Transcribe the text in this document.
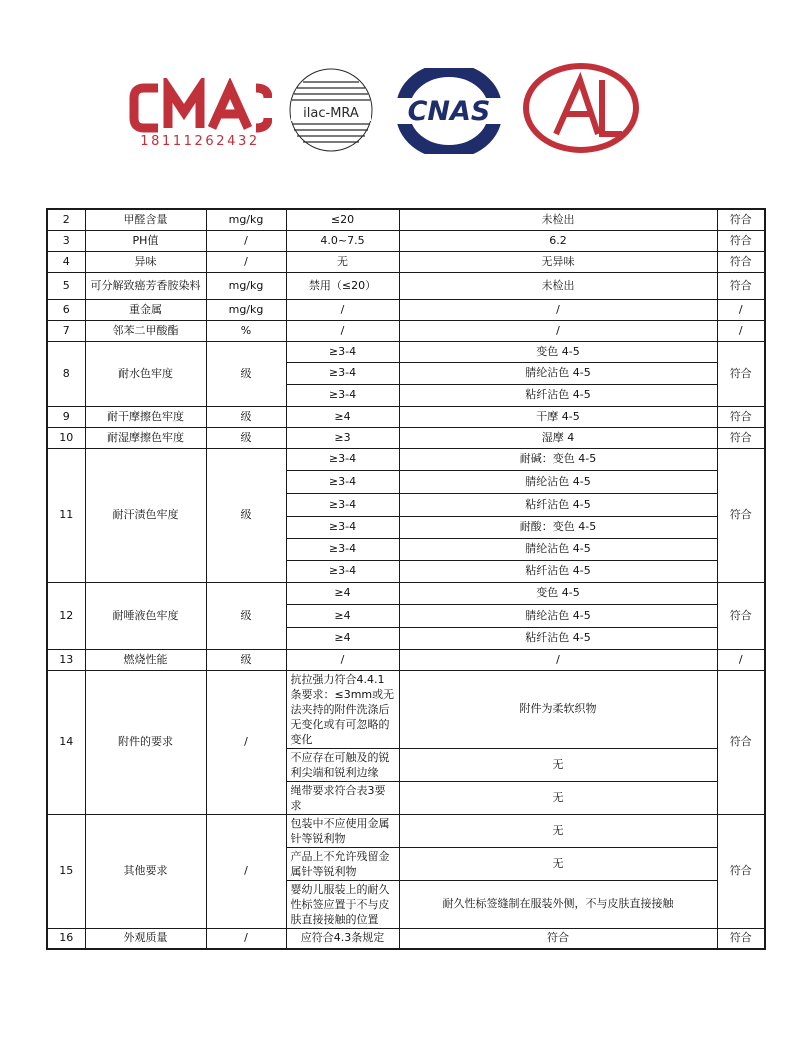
18111262432
ilac-MRA CNAS
2	甲醛含量	mg/kg	≤20	未检出	符合
3	PH值	/	4.0~7.5	6.2	符合
4	异味	/	无	无异味	符合
5	可分解致癌芳香胺染料	mg/kg	禁用（≤20）	未检出	符合
6	重金属	mg/kg	/	/	/
7	邻苯二甲酸酯	%	/	/	/
8	耐水色牢度	级	≥3-4	变色 4-5	符合
			≥3-4	腈纶沾色 4-5	
			≥3-4	粘纤沾色 4-5	
9	耐干摩擦色牢度	级	≥4	干摩 4-5	符合
10	耐湿摩擦色牢度	级	≥3	湿摩 4	符合
11	耐汗渍色牢度	级	≥3-4	耐碱：变色 4-5	符合
			≥3-4	腈纶沾色 4-5	
			≥3-4	粘纤沾色 4-5	
			≥3-4	耐酸：变色 4-5	
			≥3-4	腈纶沾色 4-5	
			≥3-4	粘纤沾色 4-5	
12	耐唾液色牢度	级	≥4	变色 4-5	符合
			≥4	腈纶沾色 4-5	
			≥4	粘纤沾色 4-5	
13	燃烧性能	级	/	/	/
14	附件的要求	/	抗拉强力符合4.4.1条要求：≤3mm或无法夹持的附件洗涤后无变化或有可忽略的变化	附件为柔软织物	符合
			不应存在可触及的锐利尖端和锐利边缘	无	
			绳带要求符合表3要求	无	
15	其他要求	/	包装中不应使用金属针等锐利物	无	符合
			产品上不允许残留金属针等锐利物	无	
			婴幼儿服装上的耐久性标签应置于不与皮肤直接接触的位置	耐久性标签缝制在服装外侧，不与皮肤直接接触	
16	外观质量	/	应符合4.3条规定	符合	符合
